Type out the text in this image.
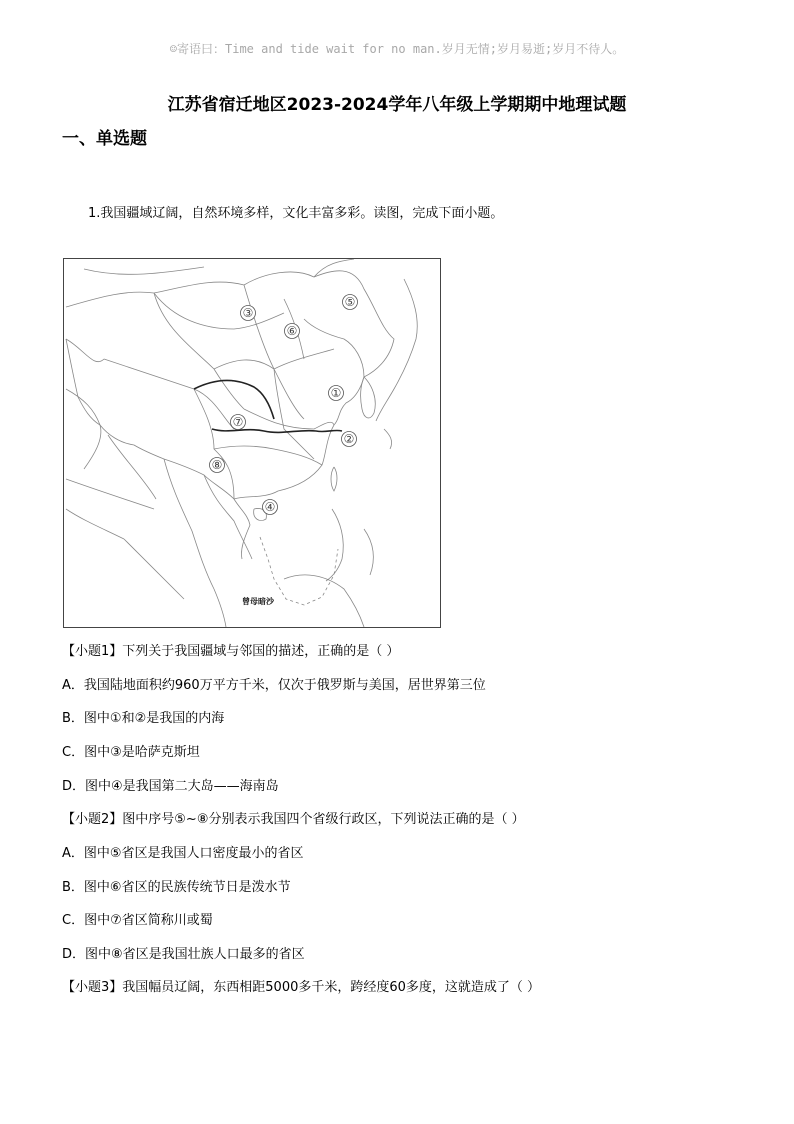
☺寄语曰：Time and tide wait for no man.岁月无情;岁月易逝;岁月不待人。
江苏省宿迁地区2023-2024学年八年级上学期期中地理试题
一、单选题
1.我国疆域辽阔，自然环境多样，文化丰富多彩。读图，完成下面小题。
③
⑤
⑥
①
⑦
②
⑧
④
曾母暗沙
【小题1】下列关于我国疆域与邻国的描述，正确的是（ ）
A．我国陆地面积约960万平方千米，仅次于俄罗斯与美国，居世界第三位
B．图中①和②是我国的内海
C．图中③是哈萨克斯坦
D．图中④是我国第二大岛——海南岛
【小题2】图中序号⑤~⑧分别表示我国四个省级行政区，下列说法正确的是（ ）
A．图中⑤省区是我国人口密度最小的省区
B．图中⑥省区的民族传统节日是泼水节
C．图中⑦省区简称川或蜀
D．图中⑧省区是我国壮族人口最多的省区
【小题3】我国幅员辽阔，东西相距5000多千米，跨经度60多度，这就造成了（ ）
